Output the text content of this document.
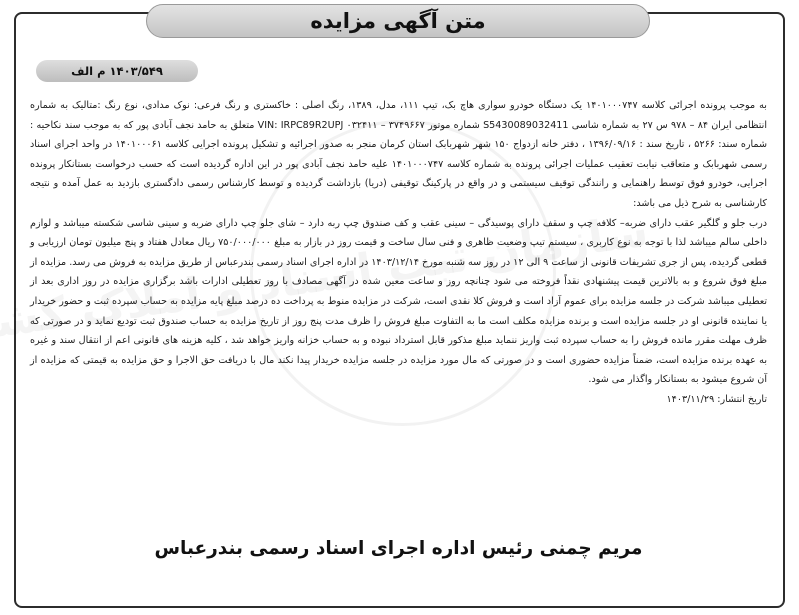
متن آگهی مزایده
۱۴۰۳/۵۴۹ م الف

به موجب پرونده اجرائی کلاسه ۱۴۰۱۰۰۰۷۴۷ یک دستگاه خودرو سواری هاچ بک، تیپ ۱۱۱، مدل، ۱۳۸۹، رنگ اصلی : خاکستری و رنگ فرعی: نوک مدادی، نوع رنگ :متالیک به شماره انتظامی ایران ۸۴ – ۹۷۸ س ۲۷ به شماره شاسی S5430089032411 شماره موتور ۳۷۴۹۶۶۷ – ۰۳۲۴۱۱ VIN: IRPC89R2UPJ متعلق به حامد نجف آبادی پور که به موجب سند نکاحیه : شماره سند: ۵۲۶۶ ، تاریخ سند : ۱۳۹۶/۰۹/۱۶ ، دفتر خانه ازدواج ۱۵۰ شهر شهربابک استان کرمان منجر به صدور اجرائیه و تشکیل پرونده اجرایی کلاسه ۱۴۰۱۰۰۰۶۱ در واحد اجرای اسناد رسمی شهربابک و متعاقب نیابت تعقیب عملیات اجرائی پرونده به شماره کلاسه ۱۴۰۱۰۰۰۷۴۷ علیه حامد نجف آبادی پور در این اداره گردیده است که حسب درخواست بستانکار پرونده اجرایی، خودرو فوق توسط راهنمایی و رانندگی توقیف سیستمی و در واقع در پارکینگ توقیفی (دریا) بازداشت گردیده و توسط کارشناس رسمی دادگستری بازدید به عمل آمده و نتیجه کارشناسی به شرح ذیل می باشد:

درب جلو و گلگیر عقب دارای ضربه– کلافه چپ و سقف دارای پوسیدگی – سینی عقب و کف صندوق چپ ربه دارد – شای جلو چپ دارای ضربه و سینی شاسی شکسته میباشد و لوازم داخلی سالم میباشد لذا با توجه به نوع کاربری ، سیستم تیپ وضعیت ظاهری و فنی سال ساخت و قیمت روز در بازار به مبلغ ۷۵۰/۰۰۰/۰۰۰ ریال معادل هفتاد و پنج میلیون تومان ارزیابی و قطعی گردیده، پس از جری تشریفات قانونی از ساعت ۹ الی ۱۲ در روز سه شنبه مورخ ۱۴۰۳/۱۲/۱۴ در اداره اجرای اسناد رسمی بندرعباس از طریق مزایده به فروش می رسد. مزایده از مبلغ فوق شروع و به بالاترین قیمت پیشنهادی نقداً فروخته می شود چنانچه روز و ساعت معین شده در آگهی مصادف با روز تعطیلی ادارات باشد برگزاری مزایده در روز اداری بعد از تعطیلی میباشد شرکت در جلسه مزایده برای عموم آزاد است و فروش کلا نقدی است، شرکت در مزایده منوط به پرداخت ده درصد مبلغ پایه مزایده به حساب سپرده ثبت و حضور خریدار یا نماینده قانونی او در جلسه مزایده است و برنده مزایده مکلف است ما به التفاوت مبلغ فروش را ظرف مدت پنج روز از تاریخ مزایده به حساب صندوق ثبت تودیع نماید و در صورتی که ظرف مهلت مقرر مانده فروش را به حساب سپرده ثبت واریز ننماید مبلغ مذکور قابل استرداد نبوده و به حساب خزانه واریز خواهد شد ، کلیه هزینه های قانونی اعم از انتقال سند و غیره به عهده برنده مزایده است، ضمناً مزایده حضوری است و در صورتی که مال مورد مزایده در جلسه مزایده خریدار پیدا نکند مال با دریافت حق الاجرا و حق مزایده به قیمتی که مزایده از آن شروع میشود به بستانکار واگذار می شود.

تاریخ انتشار: ۱۴۰۳/۱۱/۲۹

مریم چمنی رئیس اداره اجرای اسناد رسمی بندرعباس
